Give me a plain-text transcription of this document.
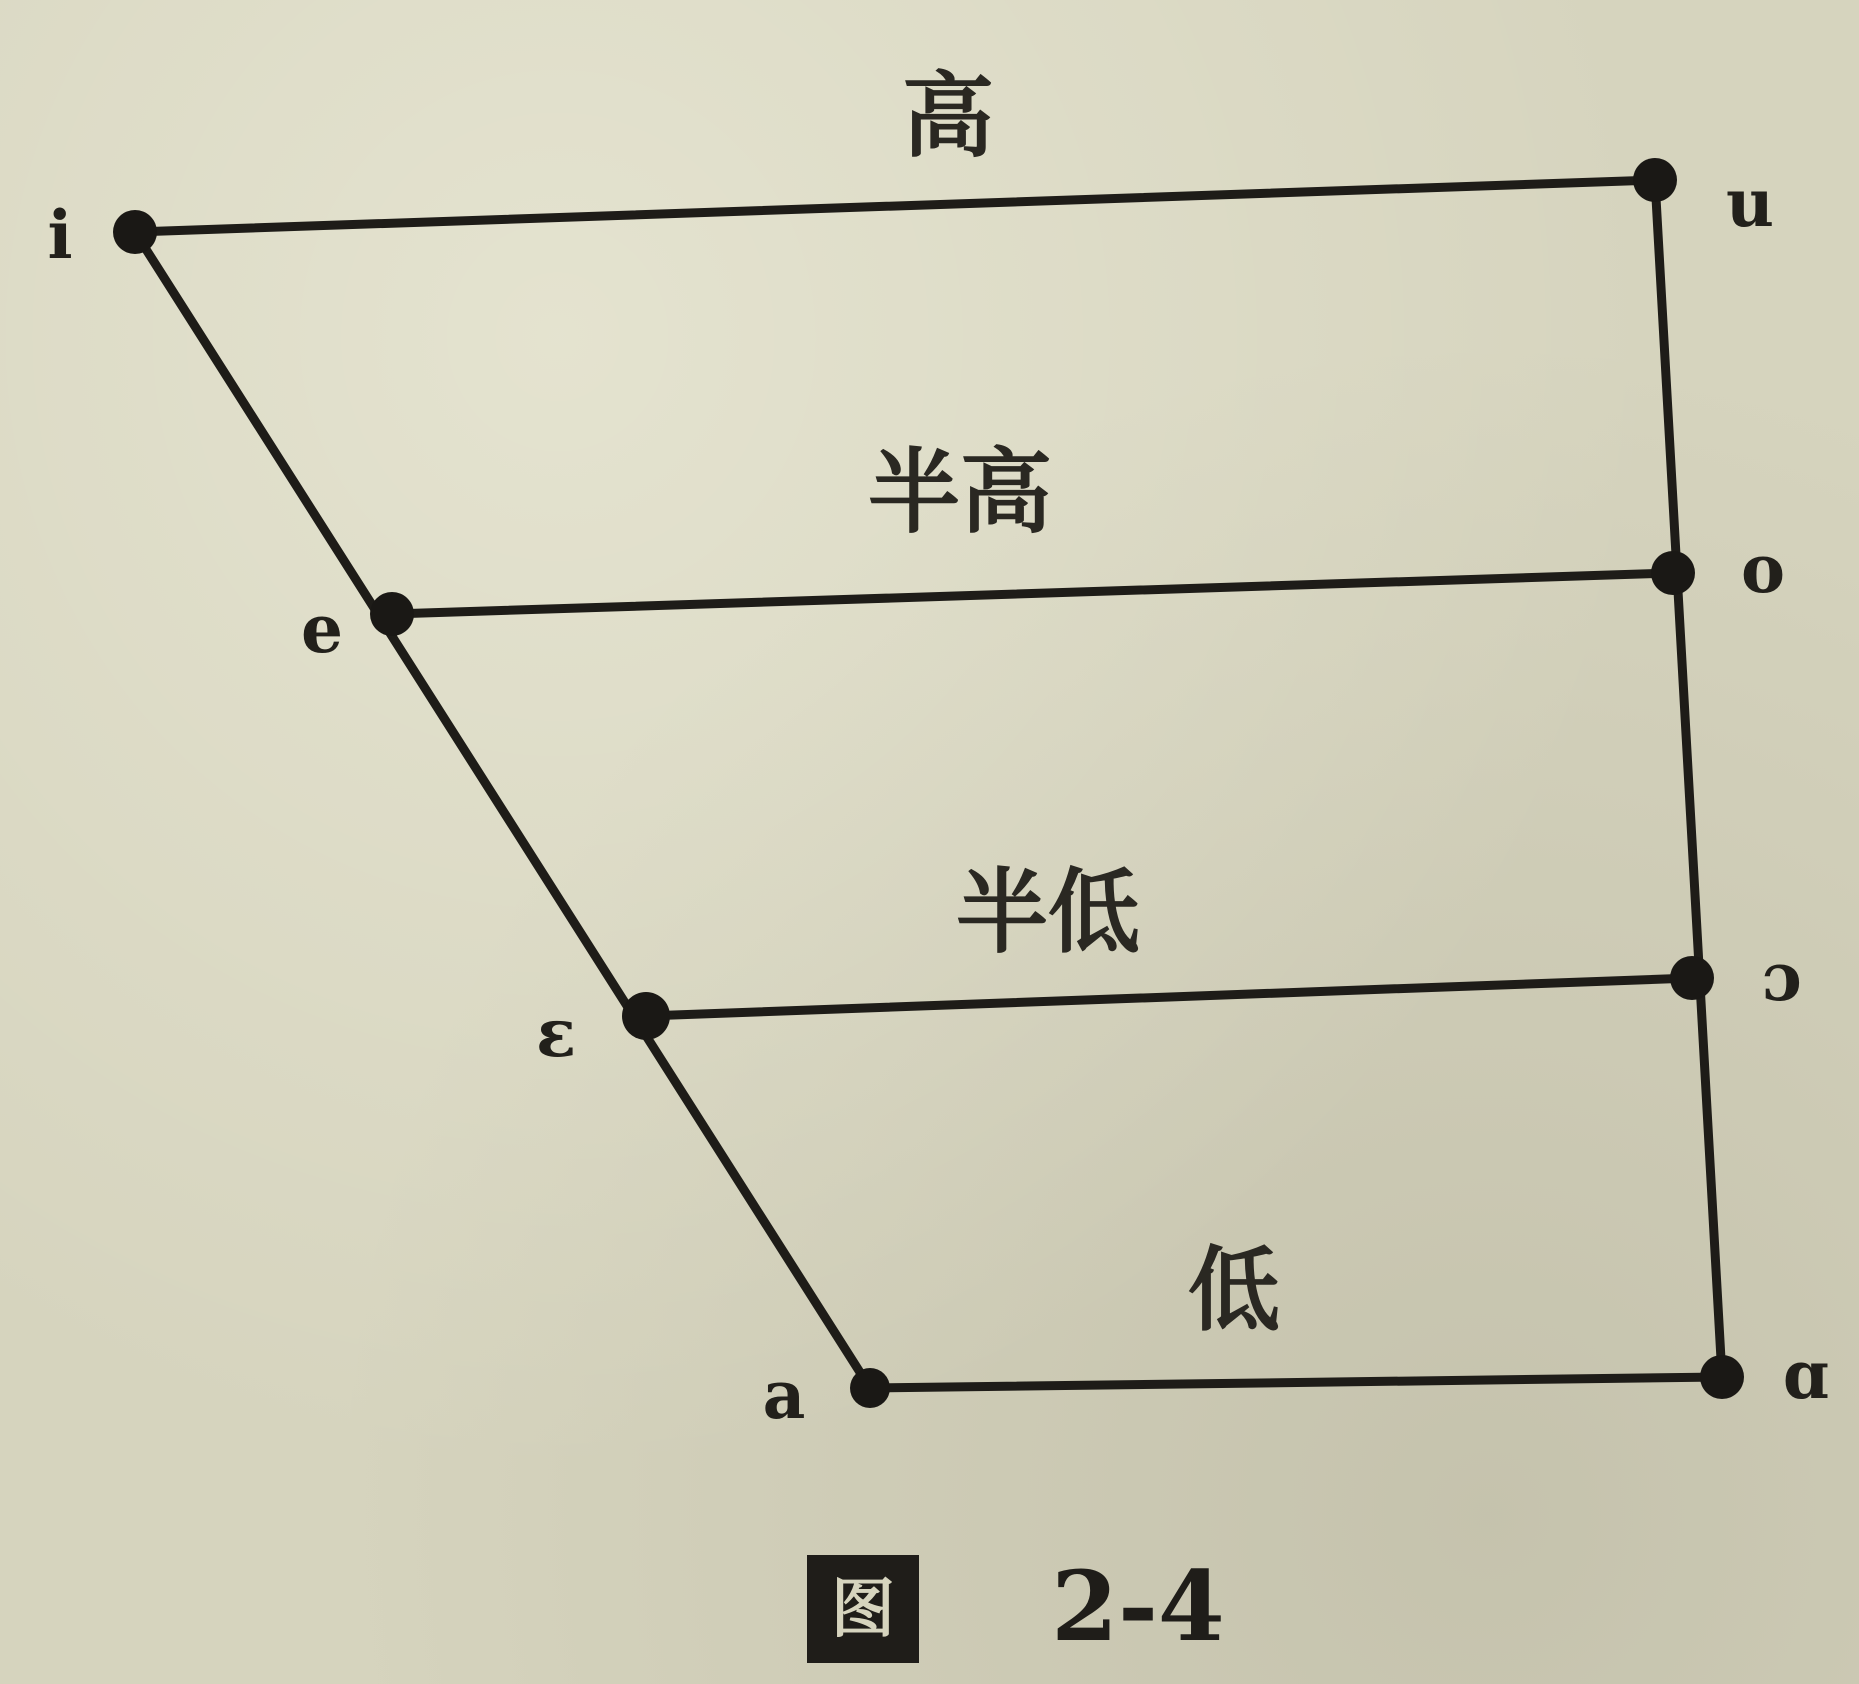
i
e
ε
a
u
o
ɔ
ɑ
高
半高
半低
低
图 2-4
